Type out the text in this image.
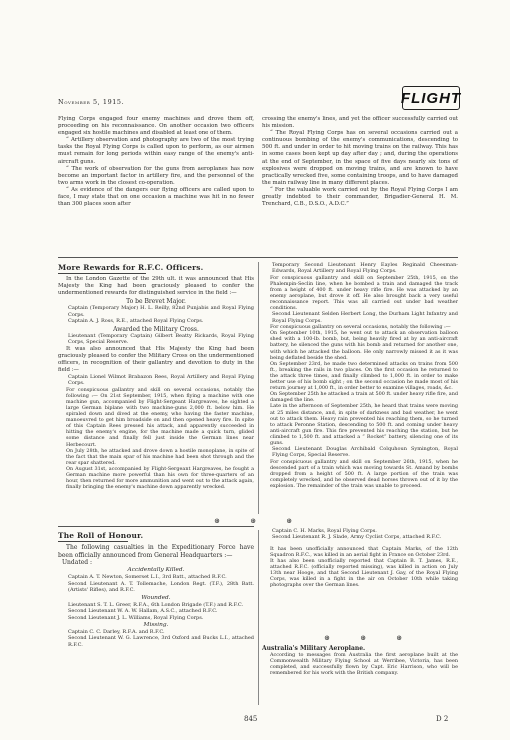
November 5, 1915.	FLIGHT

Flying Corps engaged four enemy machines and drove them off, proceeding on his reconnaissance. On another occasion two officers engaged six hostile machines and disabled at least one of them.

“ Artillery observation and photography are two of the most trying tasks the Royal Flying Corps is called upon to perform, as our airmen must remain for long periods within easy range of the enemy's anti-aircraft guns.

“ The work of observation for the guns from aeroplanes has now become an important factor in artillery fire, and the personnel of the two arms work in the closest co-operation.

“ As evidence of the dangers our flying officers are called upon to face, I may state that on one occasion a machine was hit in no fewer than 300 places soon after

crossing the enemy's lines, and yet the officer successfully carried out his mission.

“ The Royal Flying Corps has on several occasions carried out a continuous bombing of the enemy's communications, descending to 500 ft. and under in order to hit moving trains on the railway. This has in some cases been kept up day after day ; and, during the operations at the end of September, in the space of five days nearly six tons of explosives were dropped on moving trains, and are known to have practically wrecked five, some containing troops, and to have damaged the main railway line in many different places.

“ For the valuable work carried out by the Royal Flying Corps I am greatly indebted to their commander, Brigadier-General H. M. Trenchard, C.B., D.S.O., A.D.C.”

More Rewards for R.F.C. Officers.

In the London Gazette of the 29th ult. it was announced that His Majesty the King had been graciously pleased to confer the undermentioned rewards for distinguished service in the field :—

To be Brevet Major.

Captain (Temporary Major) H. L. Reilly, 82nd Punjabis and Royal Flying Corps.

Captain A. J. Ross, R.E., attached Royal Flying Corps.

Awarded the Military Cross.

Lieutenant (Temporary Captain) Gilbert Beatty Rickards, Royal Flying Corps, Special Reserve.

It was also announced that His Majesty the King had been graciously pleased to confer the Military Cross on the undermentioned officers, in recognition of their gallantry and devotion to duty in the field :—

Captain Lionel Wilmot Brabazon Rees, Royal Artillery and Royal Flying Corps.

For conspicuous gallantry and skill on several occasions, notably the following :— On 21st September, 1915, when flying a machine with one machine gun, accompanied by Flight-Sergeant Hargreaves, he sighted a large German biplane with two machine-guns 2,000 ft. below him. He spiraled down and dived at the enemy, who having the faster machine, manoeuvred to get him broadside on and then opened heavy fire. In spite of this Captain Rees pressed his attack, and apparently succeeded in hitting the enemy's engine, for the machine made a quick turn, glided some distance and finally fell just inside the German lines near Herbecourt.

On July 28th, he attacked and drove down a hostile monoplane, in spite of the fact that the main spar of his machine had been shot through and the rear spar shattered.

On August 31st, accompanied by Flight-Sergeant Hargreaves, he fought a German machine more powerful than his own for three-quarters of an hour, then returned for more ammunition and went out to the attack again, finally bringing the enemy's machine down apparently wrecked.

Temporary Second Lieutenant Henry Eayles Reginald Cheesman-Edwards, Royal Artillery and Royal Flying Corps.

For conspicuous gallantry and skill on September 25th, 1915, on the Phalempin-Seclin line, when he bombed a train and damaged the track from a height of 400 ft. under heavy rifle fire. He was attacked by an enemy aeroplane, but drove it off. He also brought back a very useful reconnaissance report. This was all carried out under bad weather conditions.

Second Lieutenant Selden Herbert Long, the Durham Light Infantry and Royal Flying Corps.

For conspicuous gallantry on several occasions, notably the following :—

On September 10th, 1915, he went out to attack an observation balloon shed with a 100-lb. bomb, but, being heavily fired at by an anti-aircraft battery, he silenced the guns with his bomb and returned for another one, with which he attacked the balloon. He only narrowly missed it as it was being deflated beside the shed.

On September 23rd, he made two determined attacks on trains from 500 ft., breaking the rails in two places. On the first occasion he returned to the attack three times, and finally climbed to 1,000 ft. in order to make better use of his bomb sight ; on the second occasion he made most of his return journey at 1,000 ft., in order better to examine villages, roads, &c.

On September 25th he attacked a train at 500 ft. under heavy rifle fire, and damaged the line.

Late in the afternoon of September 25th, he heard that trains were moving at 25 miles distance, and, in spite of darkness and bad weather, he went out to attack them. Heavy rain prevented his reaching them, so he turned to attack Peronne Station, descending to 500 ft. and coming under heavy anti-aircraft gun fire. This fire prevented his reaching the station, but he climbed to 1,500 ft. and attacked a “ Rocket” battery, silencing one of its guns.

Second Lieutenant Douglas Archibald Colquhoun Symington, Royal Flying Corps, Special Reserve.

For conspicuous gallantry and skill on September 26th, 1915, when he descended part of a train which was moving towards St. Amand by bombs dropped from a height of 500 ft. A large portion of the train was completely wrecked, and he observed dead horses thrown out of it by the explosion. The remainder of the train was unable to proceed.

⊛ ⊛ ⊛
The Roll of Honour.

The following casualties in the Expeditionary Force have been officially announced from General Headquarters :—

Undated :

Accidentally Killed.

Captain A. T. Newton, Somerset L.I., 3rd Batt., attached R.F.C.

Second Lieutenant A. T. Tollemache, London Regt. (T.F.), 28th Batt. (Artists' Rifles), and R.F.C.

Wounded.

Lieutenant S. T. L. Greer, R.F.A., 6th London Brigade (T.F.) and R.F.C.

Second Lieutenant W. A. W. Hallam, A.S.C., attached R.F.C.

Second Lieutenant J. L. Williams, Royal Flying Corps.

Missing.

Captain C. C. Darley, R.F.A. and R.F.C.

Second Lieutenant W. G. Lawrence, 3rd Oxford and Bucks L.I., attached R.F.C.

Captain C. H. Marks, Royal Flying Corps.

Second Lieutenant R. J. Slade, Army Cyclist Corps, attached R.F.C.

It has been unofficially announced that Captain Marks, of the 12th Squadron R.F.C., was killed in an aerial fight in France on October 23rd.

It has also been unofficially reported that Captain B. T. James, R.E., attached R.F.C. (officially reported missing), was killed in action on July 13th near Hooge, and that Second Lieutenant J. Gay, of the Royal Flying Corps, was killed in a fight in the air on October 10th while taking photographs over the German lines.

⊛ ⊛ ⊛

Australia's Military Aeroplane.

According to messages from Australia the first aeroplane built at the Commonwealth Military Flying School at Werribee, Victoria, has been completed, and successfully flown by Capt. Eric Harrison, who will be remembered for his work with the British company.

845	D 2
